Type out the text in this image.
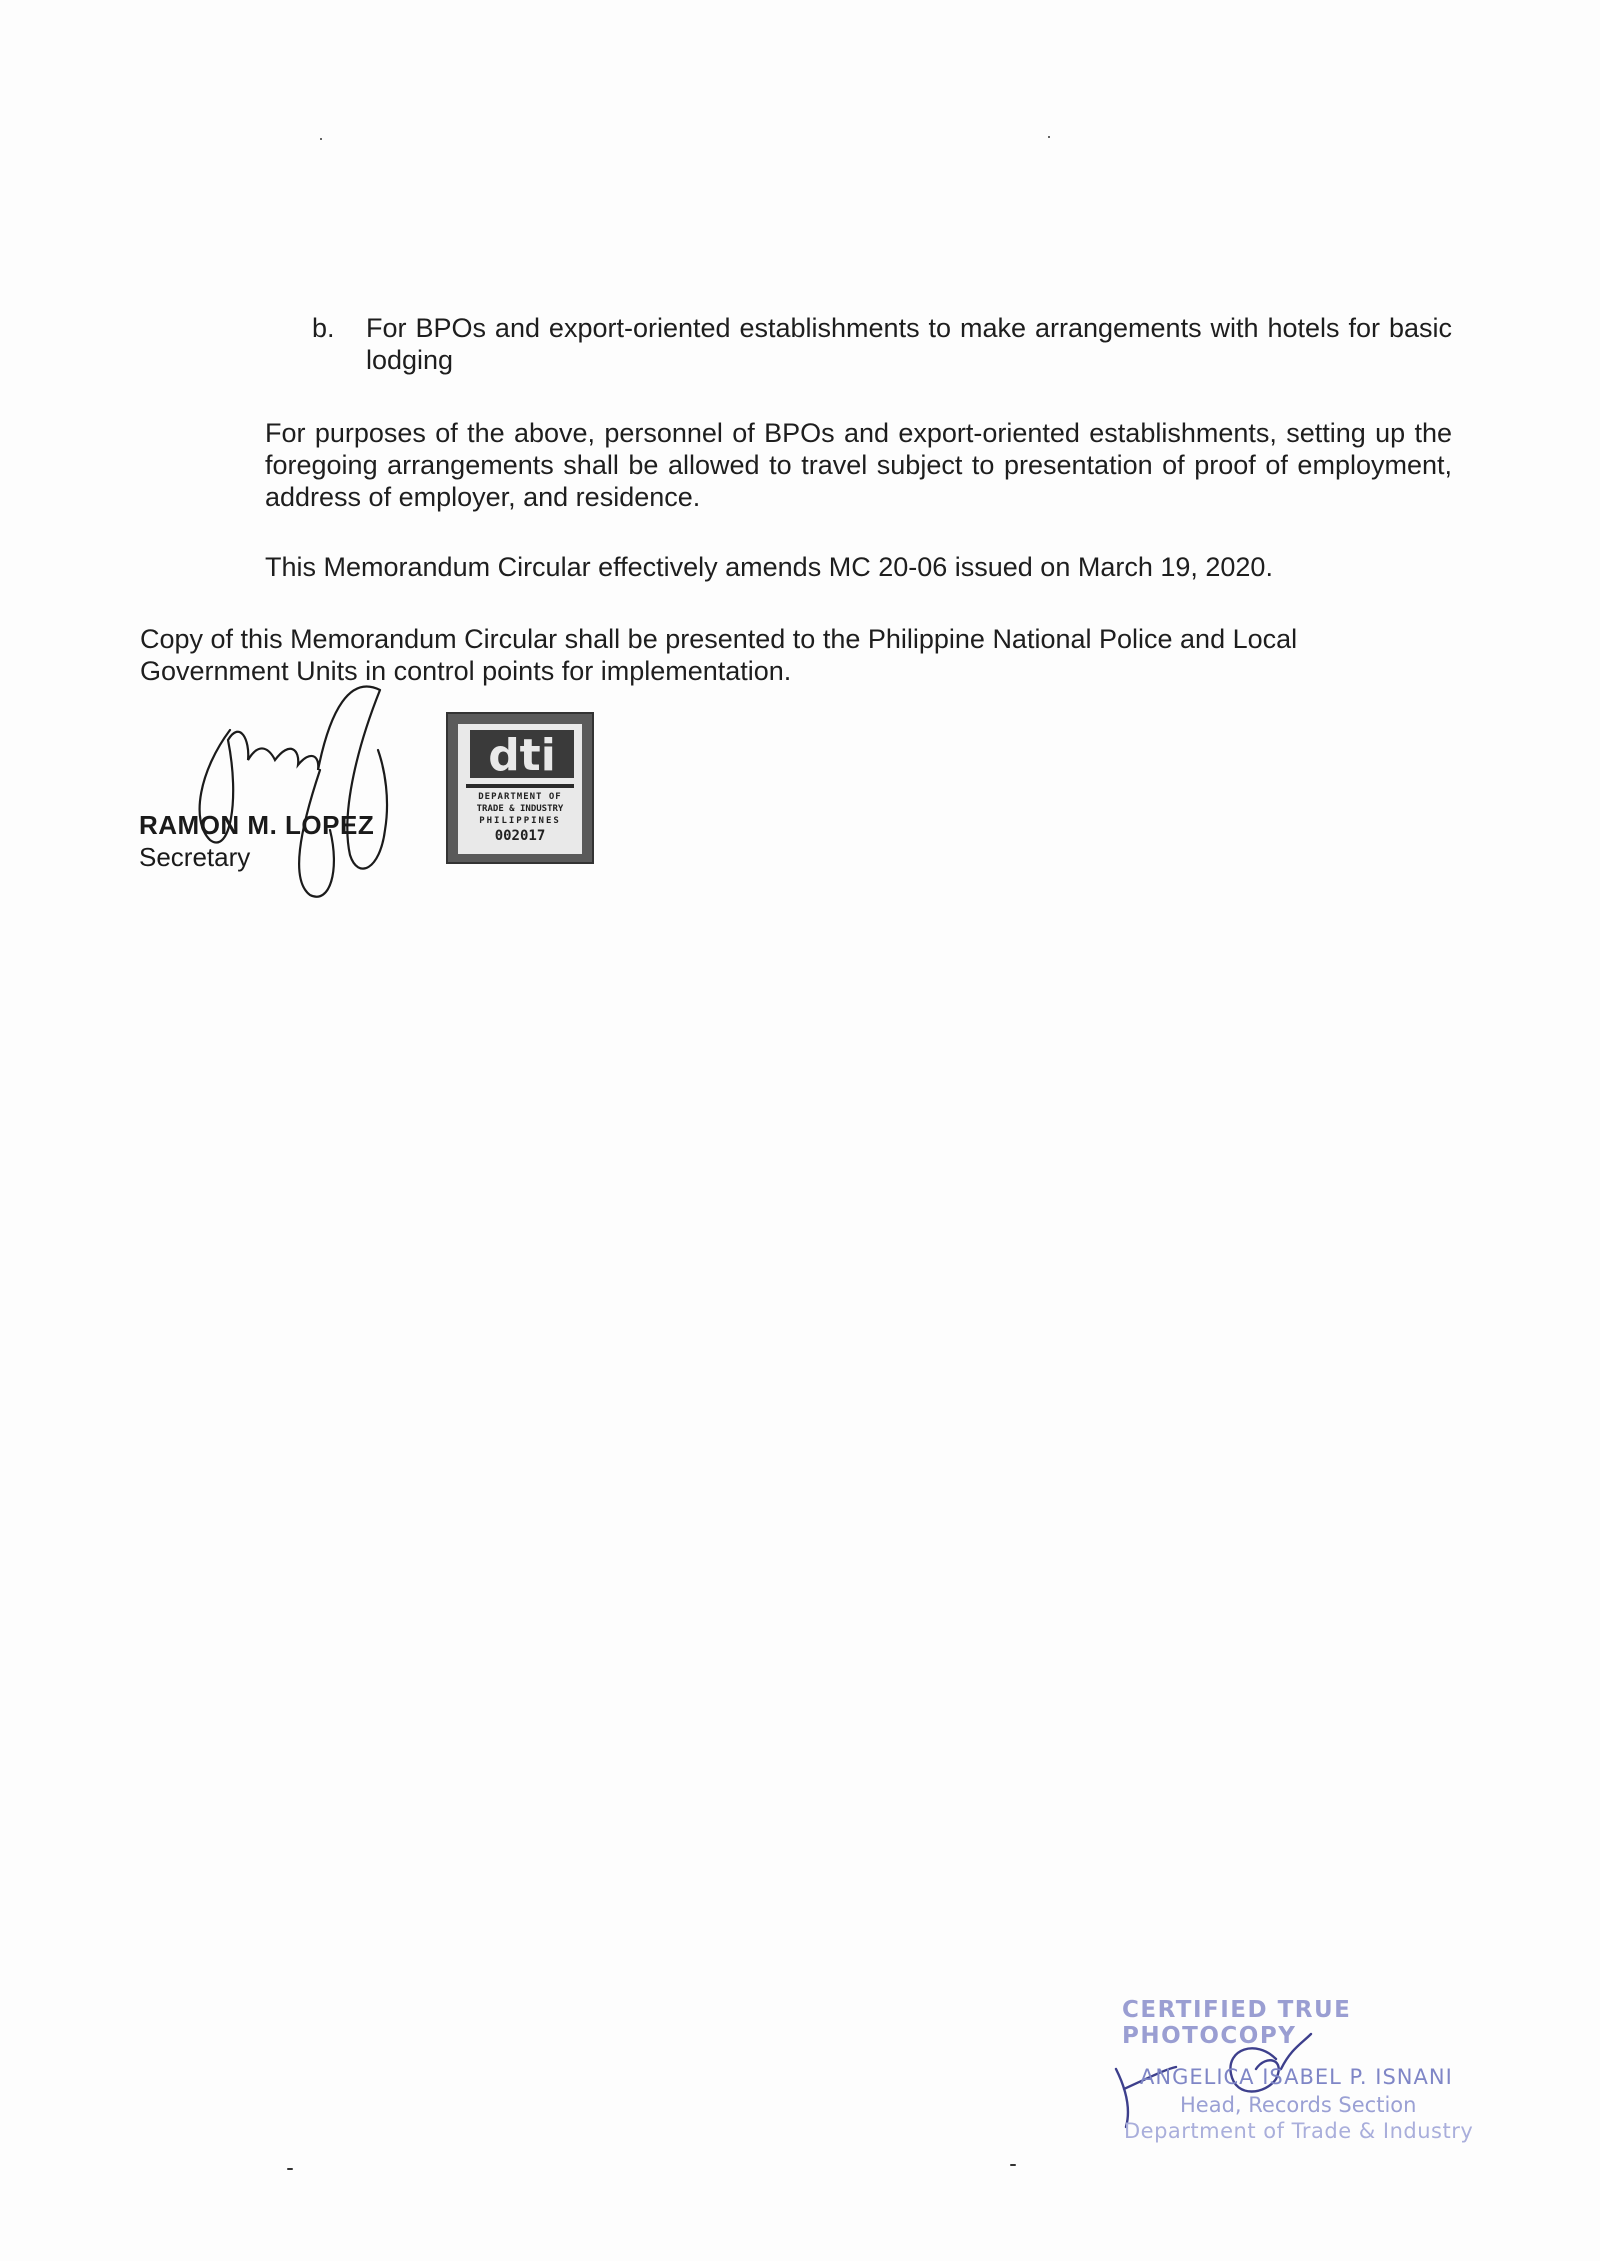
b. For BPOs and export-oriented establishments to make arrangements with hotels for basic lodging
For purposes of the above, personnel of BPOs and export-oriented establishments, setting up the foregoing arrangements shall be allowed to travel subject to presentation of proof of employment, address of employer, and residence.
This Memorandum Circular effectively amends MC 20-06 issued on March 19, 2020.
Copy of this Memorandum Circular shall be presented to the Philippine National Police and Local Government Units in control points for implementation.
RAMON M. LOPEZ
Secretary
dti
DEPARTMENT OF
TRADE & INDUSTRY
PHILIPPINES
002017
CERTIFIED TRUE PHOTOCOPY
ANGELICA ISABEL P. ISNANI
Head, Records Section
Department of Trade & Industry
